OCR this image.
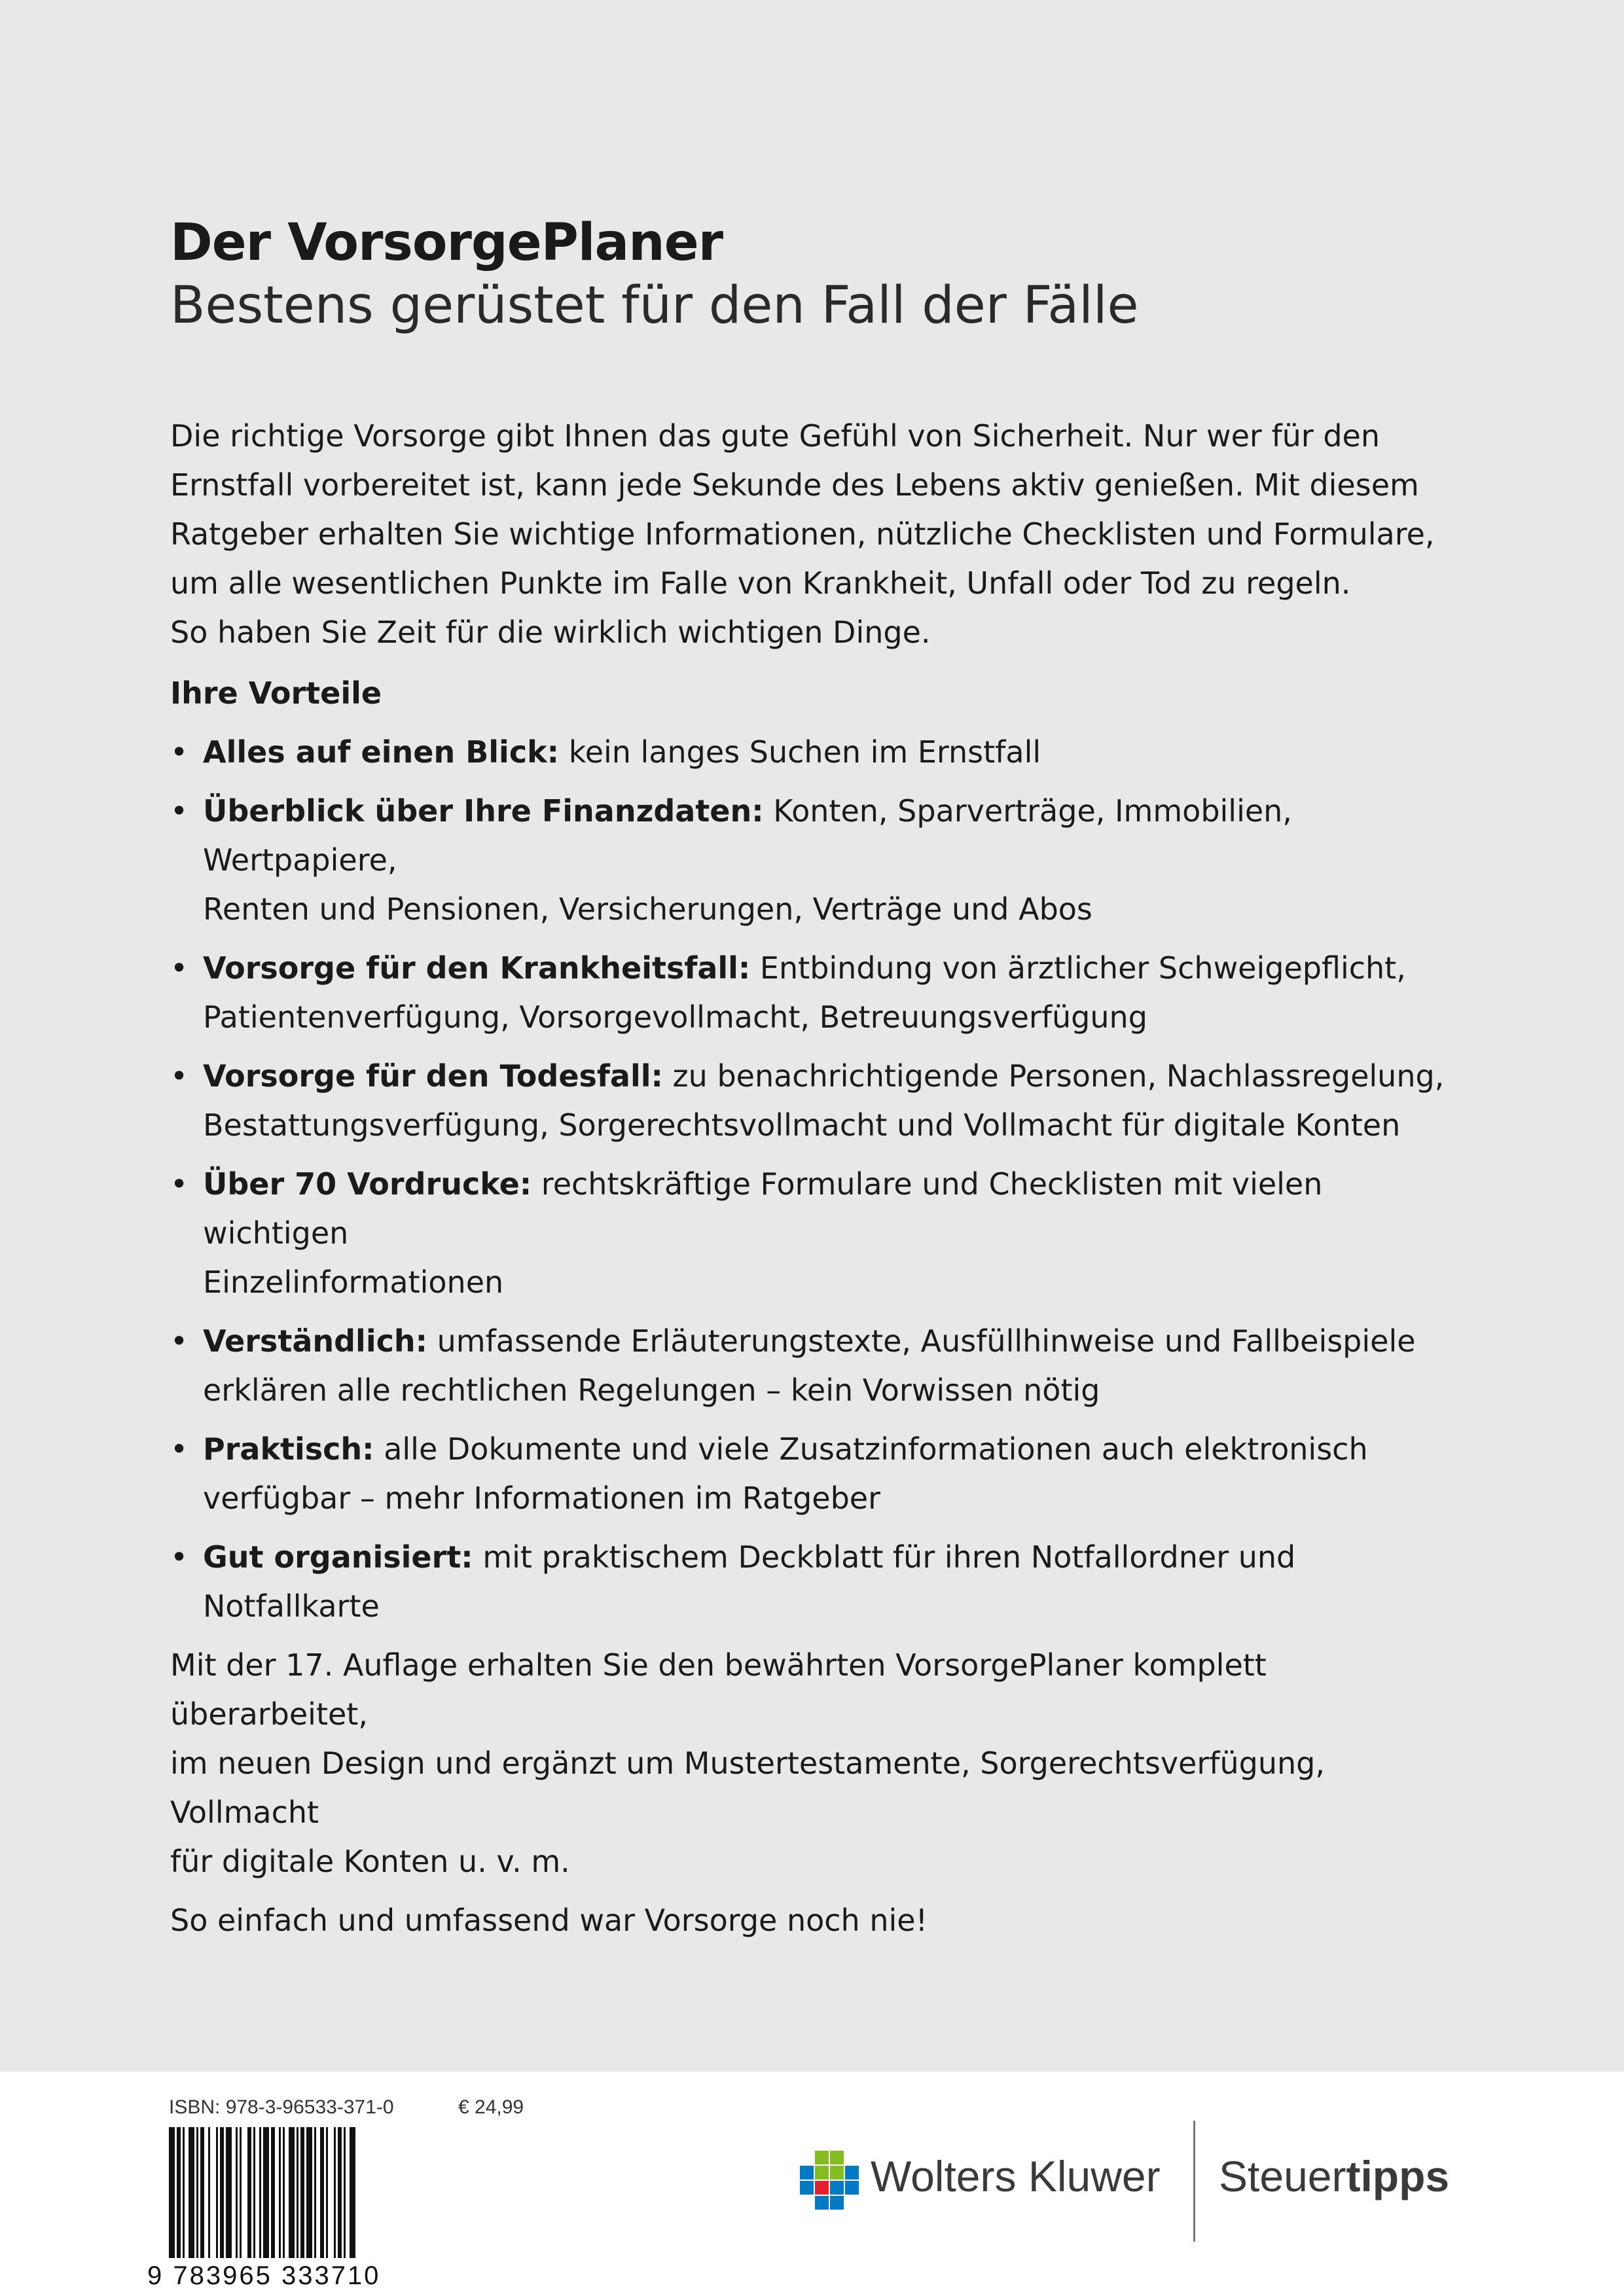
Der VorsorgePlaner
Bestens gerüstet für den Fall der Fälle

Die richtige Vorsorge gibt Ihnen das gute Gefühl von Sicherheit. Nur wer für den
Ernstfall vorbereitet ist, kann jede Sekunde des Lebens aktiv genießen. Mit diesem
Ratgeber erhalten Sie wichtige Informationen, nützliche Checklisten und Formulare,
um alle wesentlichen Punkte im Falle von Krankheit, Unfall oder Tod zu regeln.
So haben Sie Zeit für die wirklich wichtigen Dinge.

Ihre Vorteile
• Alles auf einen Blick: kein langes Suchen im Ernstfall
• Überblick über Ihre Finanzdaten: Konten, Sparverträge, Immobilien, Wertpapiere,
Renten und Pensionen, Versicherungen, Verträge und Abos
• Vorsorge für den Krankheitsfall: Entbindung von ärztlicher Schweigepflicht,
Patientenverfügung, Vorsorgevollmacht, Betreuungsverfügung
• Vorsorge für den Todesfall: zu benachrichtigende Personen, Nachlassregelung,
Bestattungsverfügung, Sorgerechtsvollmacht und Vollmacht für digitale Konten
• Über 70 Vordrucke: rechtskräftige Formulare und Checklisten mit vielen wichtigen
Einzelinformationen
• Verständlich: umfassende Erläuterungstexte, Ausfüllhinweise und Fallbeispiele
erklären alle rechtlichen Regelungen – kein Vorwissen nötig
• Praktisch: alle Dokumente und viele Zusatzinformationen auch elektronisch
verfügbar – mehr Informationen im Ratgeber
• Gut organisiert: mit praktischem Deckblatt für ihren Notfallordner und Notfallkarte

Mit der 17. Auflage erhalten Sie den bewährten VorsorgePlaner komplett überarbeitet,
im neuen Design und ergänzt um Mustertestamente, Sorgerechtsverfügung, Vollmacht
für digitale Konten u. v. m.

So einfach und umfassend war Vorsorge noch nie!

ISBN: 978-3-96533-371-0	€ 24,99
9 783965 333710
Wolters Kluwer Steuertipps
